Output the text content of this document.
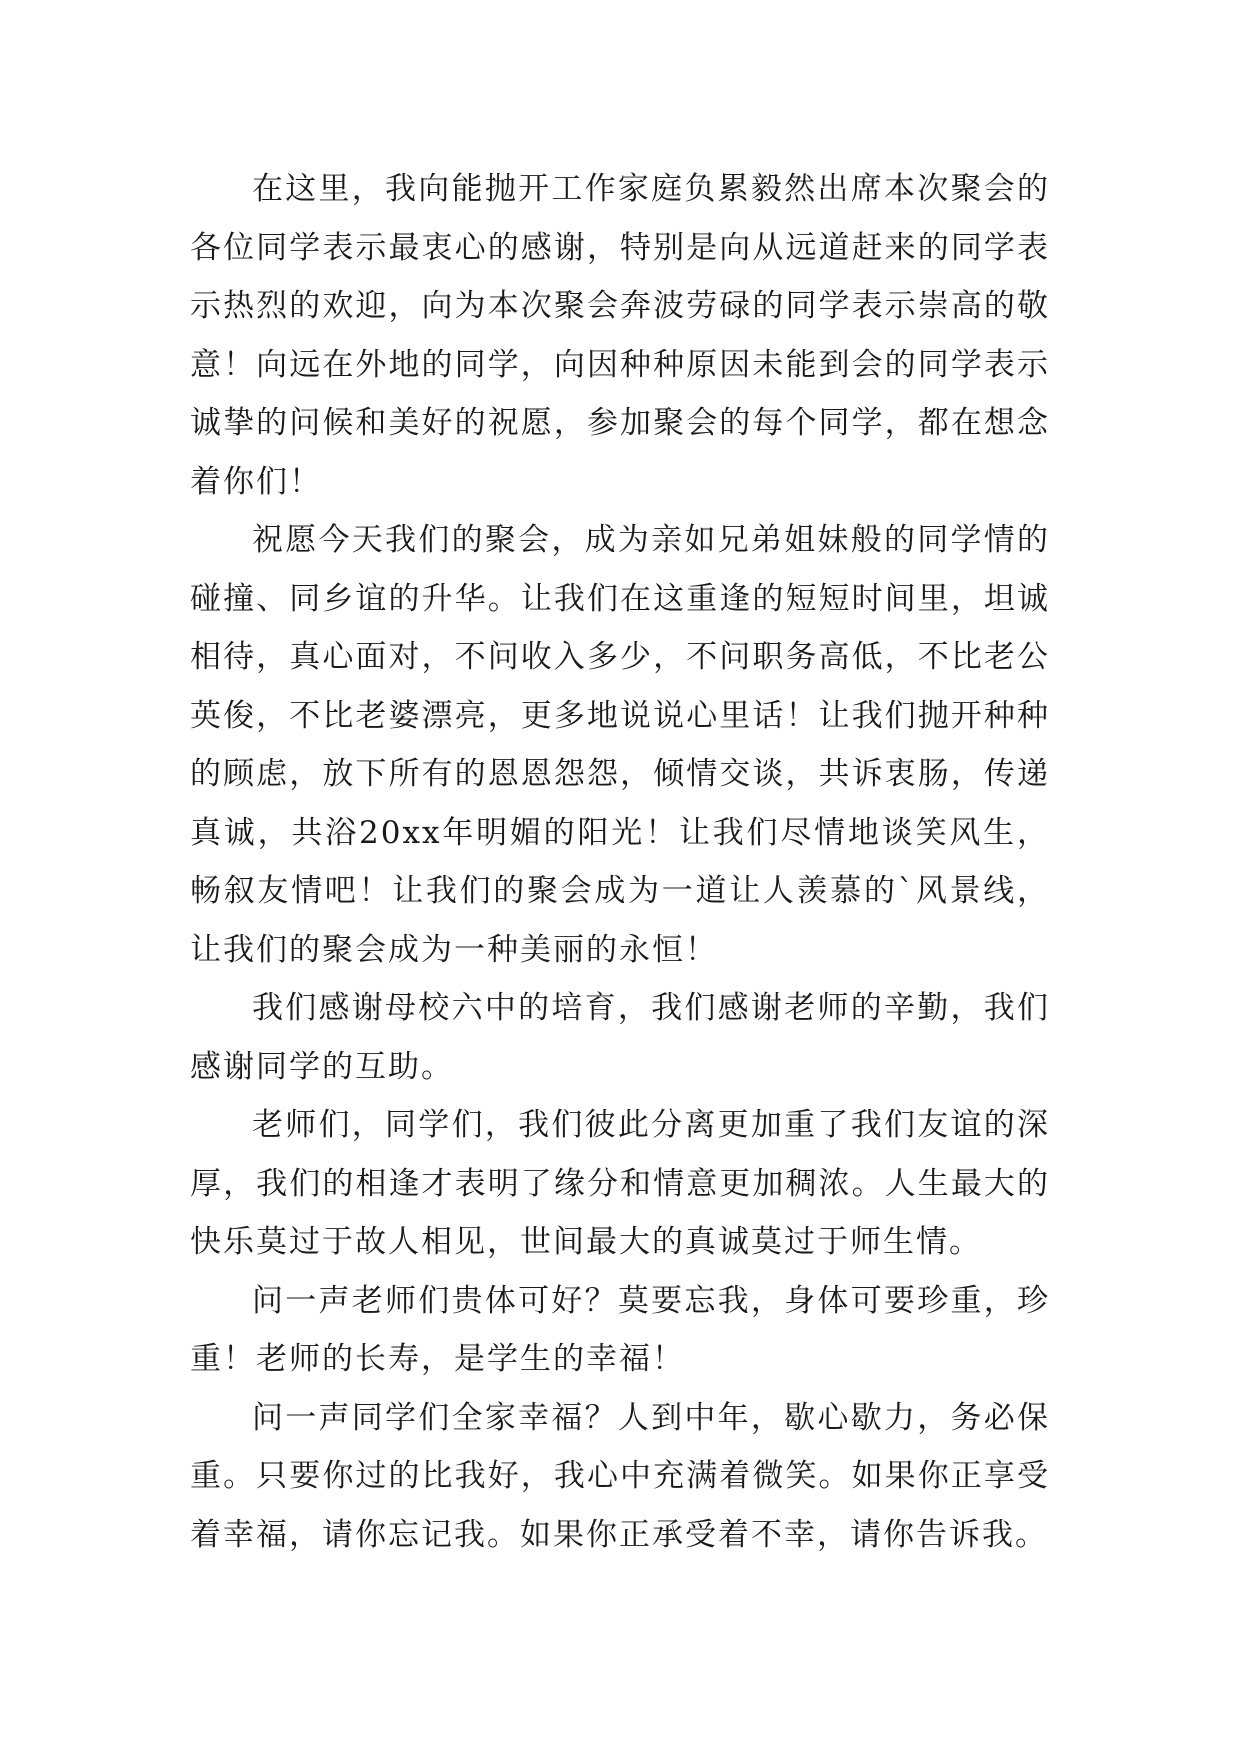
在这里，我向能抛开工作家庭负累毅然出席本次聚会的各位同学表示最衷心的感谢，特别是向从远道赶来的同学表示热烈的欢迎，向为本次聚会奔波劳碌的同学表示崇高的敬意！向远在外地的同学，向因种种原因未能到会的同学表示诚挚的问候和美好的祝愿，参加聚会的每个同学，都在想念着你们！

祝愿今天我们的聚会，成为亲如兄弟姐妹般的同学情的碰撞、同乡谊的升华。让我们在这重逢的短短时间里，坦诚相待，真心面对，不问收入多少，不问职务高低，不比老公英俊，不比老婆漂亮，更多地说说心里话！让我们抛开种种的顾虑，放下所有的恩恩怨怨，倾情交谈，共诉衷肠，传递真诚，共浴20xx年明媚的阳光！让我们尽情地谈笑风生，畅叙友情吧！让我们的聚会成为一道让人羡慕的`风景线，让我们的聚会成为一种美丽的永恒！

我们感谢母校六中的培育，我们感谢老师的辛勤，我们感谢同学的互助。

老师们，同学们，我们彼此分离更加重了我们友谊的深厚，我们的相逢才表明了缘分和情意更加稠浓。人生最大的快乐莫过于故人相见，世间最大的真诚莫过于师生情。

问一声老师们贵体可好？莫要忘我，身体可要珍重，珍重！老师的长寿，是学生的幸福！

问一声同学们全家幸福？人到中年，歇心歇力，务必保重。只要你过的比我好，我心中充满着微笑。如果你正享受着幸福，请你忘记我。如果你正承受着不幸，请你告诉我。
